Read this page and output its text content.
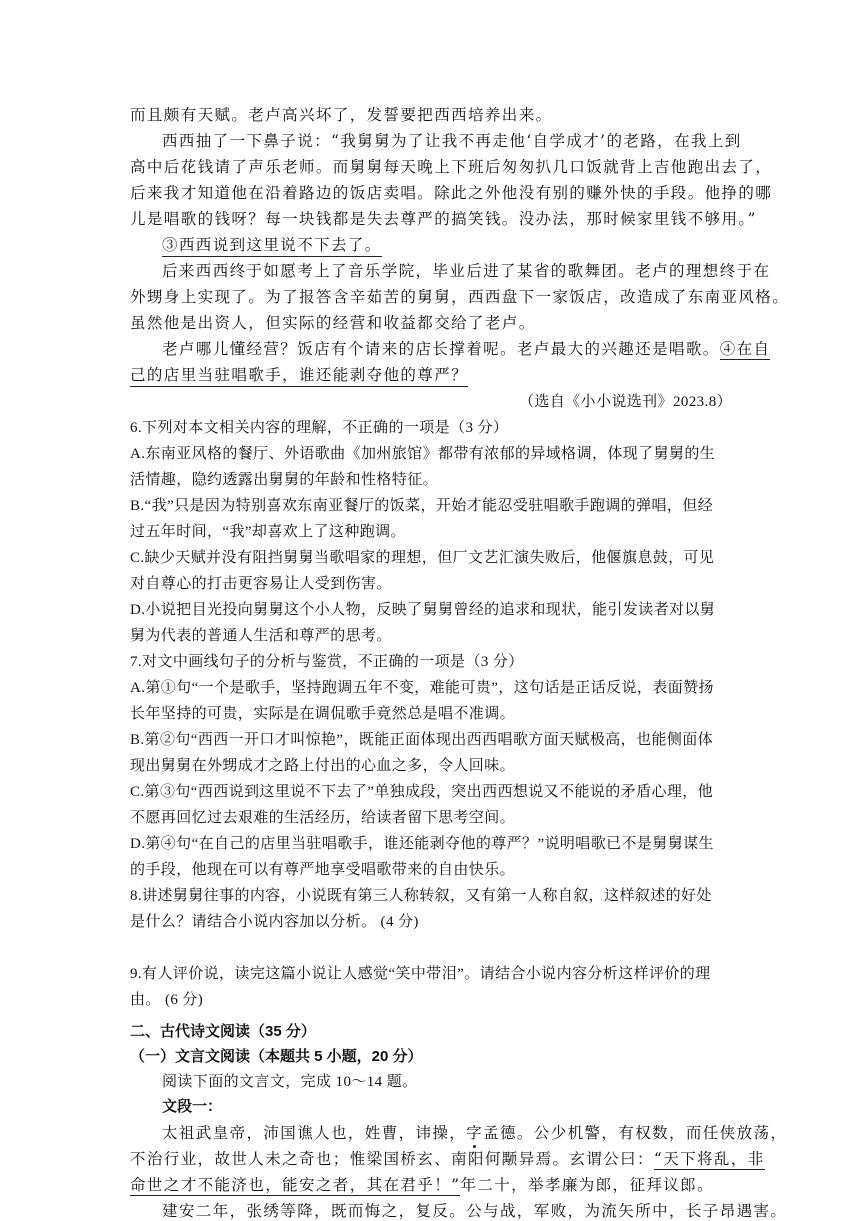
而且颇有天赋。老卢高兴坏了，发誓要把西西培养出来。
西西抽了一下鼻子说：“我舅舅为了让我不再走他‘自学成才’的老路，在我上到
高中后花钱请了声乐老师。而舅舅每天晚上下班后匆匆扒几口饭就背上吉他跑出去了，
后来我才知道他在沿着路边的饭店卖唱。除此之外他没有别的赚外快的手段。他挣的哪
儿是唱歌的钱呀？每一块钱都是失去尊严的搞笑钱。没办法，那时候家里钱不够用。”
③西西说到这里说不下去了。
后来西西终于如愿考上了音乐学院，毕业后进了某省的歌舞团。老卢的理想终于在
外甥身上实现了。为了报答含辛茹苦的舅舅，西西盘下一家饭店，改造成了东南亚风格。
虽然他是出资人，但实际的经营和收益都交给了老卢。
老卢哪儿懂经营？饭店有个请来的店长撑着呢。老卢最大的兴趣还是唱歌。④在自
己的店里当驻唱歌手，谁还能剥夺他的尊严？
（选自《小小说选刊》2023.8）
6.下列对本文相关内容的理解，不正确的一项是（3 分）
A.东南亚风格的餐厅、外语歌曲《加州旅馆》都带有浓郁的异域格调，体现了舅舅的生
活情趣，隐约透露出舅舅的年龄和性格特征。
B.“我”只是因为特别喜欢东南亚餐厅的饭菜，开始才能忍受驻唱歌手跑调的弹唱，但经
过五年时间，“我”却喜欢上了这种跑调。
C.缺少天赋并没有阻挡舅舅当歌唱家的理想，但厂文艺汇演失败后，他偃旗息鼓，可见
对自尊心的打击更容易让人受到伤害。
D.小说把目光投向舅舅这个小人物，反映了舅舅曾经的追求和现状，能引发读者对以舅
舅为代表的普通人生活和尊严的思考。
7.对文中画线句子的分析与鉴赏，不正确的一项是（3 分）
A.第①句“一个是歌手，坚持跑调五年不变，难能可贵”，这句话是正话反说，表面赞扬
长年坚持的可贵，实际是在调侃歌手竟然总是唱不准调。
B.第②句“西西一开口才叫惊艳”，既能正面体现出西西唱歌方面天赋极高，也能侧面体
现出舅舅在外甥成才之路上付出的心血之多，令人回味。
C.第③句“西西说到这里说不下去了”单独成段，突出西西想说又不能说的矛盾心理，他
不愿再回忆过去艰难的生活经历，给读者留下思考空间。
D.第④句“在自己的店里当驻唱歌手，谁还能剥夺他的尊严？”说明唱歌已不是舅舅谋生
的手段，他现在可以有尊严地享受唱歌带来的自由快乐。
8.讲述舅舅往事的内容，小说既有第三人称转叙，又有第一人称自叙，这样叙述的好处
是什么？请结合小说内容加以分析。 (4 分)
9.有人评价说，读完这篇小说让人感觉“笑中带泪”。请结合小说内容分析这样评价的理
由。 (6 分)
二、古代诗文阅读（35 分）
（一）文言文阅读（本题共 5 小题，20 分）
阅读下面的文言文，完成 10～14 题。
文段一：
太祖武皇帝，沛国谯人也，姓曹，讳操，字孟德。公少机警，有权数，而任侠放荡，
不治行业，故世人未之奇也；惟梁国桥玄、南阳何颙异焉。玄谓公曰：“天下将乱，非
命世之才不能济也，能安之者，其在君乎！”年二十，举孝廉为郎，征拜议郎。
建安二年，张绣等降，既而悔之，复反。公与战，军败，为流矢所中，长子昂遇害。
